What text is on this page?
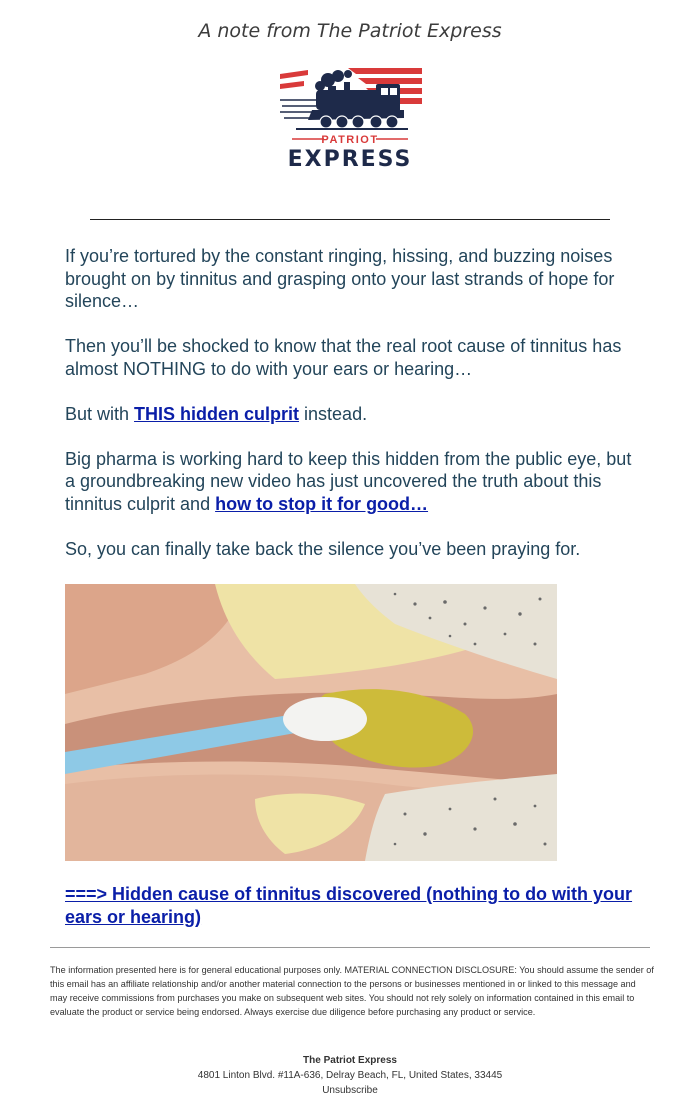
A note from The Patriot Express
PATRIOT
EXPRESS

If you’re tortured by the constant ringing, hissing, and buzzing noises brought on by tinnitus and grasping onto your last strands of hope for silence…

Then you’ll be shocked to know that the real root cause of tinnitus has almost NOTHING to do with your ears or hearing…

But with THIS hidden culprit instead.

Big pharma is working hard to keep this hidden from the public eye, but a groundbreaking new video has just uncovered the truth about this tinnitus culprit and how to stop it for good…

So, you can finally take back the silence you’ve been praying for.

===> Hidden cause of tinnitus discovered (nothing to do with your ears or hearing)
The information presented here is for general educational purposes only. MATERIAL CONNECTION DISCLOSURE: You should assume the sender of this email has an affiliate relationship and/or another material connection to the persons or businesses mentioned in or linked to this message and may receive commissions from purchases you make on subsequent web sites. You should not rely solely on information contained in this email to evaluate the product or service being endorsed. Always exercise due diligence before purchasing any product or service.
The Patriot Express
4801 Linton Blvd. #11A-636, Delray Beach, FL, United States, 33445
Unsubscribe
